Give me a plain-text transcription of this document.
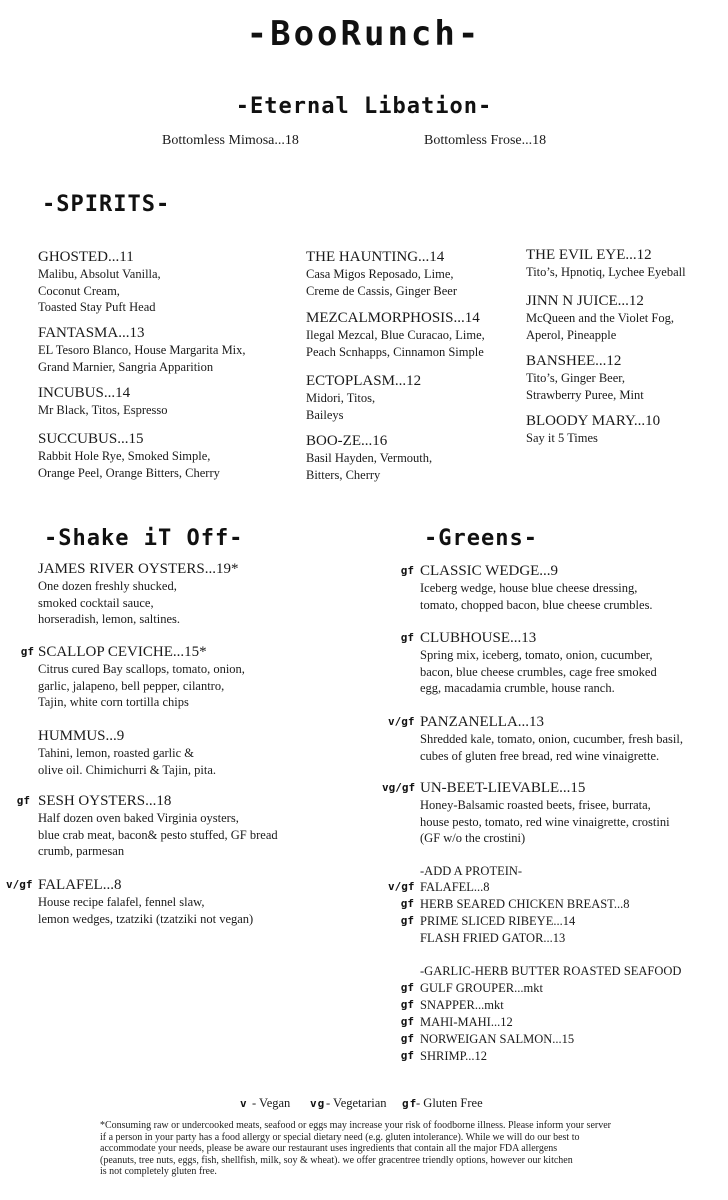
-BooRunch-
-Eternal Libation-
Bottomless Mimosa...18	Bottomless Frose...18
-SPIRITS-
GHOSTED...11
Malibu, Absolut Vanilla,
Coconut Cream,
Toasted Stay Puft Head
FANTASMA...13
EL Tesoro Blanco, House Margarita Mix,
Grand Marnier, Sangria Apparition
INCUBUS...14
Mr Black, Titos, Espresso
SUCCUBUS...15
Rabbit Hole Rye, Smoked Simple,
Orange Peel, Orange Bitters, Cherry
THE HAUNTING...14
Casa Migos Reposado, Lime,
Creme de Cassis, Ginger Beer
MEZCALMORPHOSIS...14
Ilegal Mezcal, Blue Curacao, Lime,
Peach Scnhapps, Cinnamon Simple
ECTOPLASM...12
Midori, Titos,
Baileys
BOO-ZE...16
Basil Hayden, Vermouth,
Bitters, Cherry
THE EVIL EYE...12
Tito’s, Hpnotiq, Lychee Eyeball
JINN N JUICE...12
McQueen and the Violet Fog,
Aperol, Pineapple
BANSHEE...12
Tito’s, Ginger Beer,
Strawberry Puree, Mint
BLOODY MARY...10
Say it 5 Times
-Shake iT Off-
JAMES RIVER OYSTERS...19*
One dozen freshly shucked,
smoked cocktail sauce,
horseradish, lemon, saltines.
gf SCALLOP CEVICHE...15*
Citrus cured Bay scallops, tomato, onion,
garlic, jalapeno, bell pepper, cilantro,
Tajin, white corn tortilla chips
HUMMUS...9
Tahini, lemon, roasted garlic &
olive oil. Chimichurri & Tajin, pita.
gf SESH OYSTERS...18
Half dozen oven baked Virginia oysters,
blue crab meat, bacon& pesto stuffed, GF bread
crumb, parmesan
v/gf FALAFEL...8
House recipe falafel, fennel slaw,
lemon wedges, tzatziki (tzatziki not vegan)
-Greens-
gf CLASSIC WEDGE...9
Iceberg wedge, house blue cheese dressing,
tomato, chopped bacon, blue cheese crumbles.
gf CLUBHOUSE...13
Spring mix, iceberg, tomato, onion, cucumber,
bacon, blue cheese crumbles, cage free smoked
egg, macadamia crumble, house ranch.
v/gf PANZANELLA...13
Shredded kale, tomato, onion, cucumber, fresh basil,
cubes of gluten free bread, red wine vinaigrette.
vg/gf UN-BEET-LIEVABLE...15
Honey-Balsamic roasted beets, frisee, burrata,
house pesto, tomato, red wine vinaigrette, crostini
(GF w/o the crostini)
-ADD A PROTEIN-
v/gf FALAFEL...8
gf HERB SEARED CHICKEN BREAST...8
gf PRIME SLICED RIBEYE...14
FLASH FRIED GATOR...13
-GARLIC-HERB BUTTER ROASTED SEAFOOD
gf GULF GROUPER...mkt
gf SNAPPER...mkt
gf MAHI-MAHI...12
gf NORWEIGAN SALMON...15
gf SHRIMP...12
v - Vegan vg - Vegetarian gf
- Gluten Free
*Consuming raw or undercooked meats, seafood or eggs may increase your risk of foodborne illness. Please inform your server
if a person in your party has a food allergy or special dietary need (e.g. gluten intolerance). While we will do our best to
accommodate your needs, please be aware our restaurant uses ingredients that contain all the major FDA allergens
(peanuts, tree nuts, eggs, fish, shellfish, milk, soy & wheat). we offer gracentree triendly options, however our kitchen
is not completely gluten free.
